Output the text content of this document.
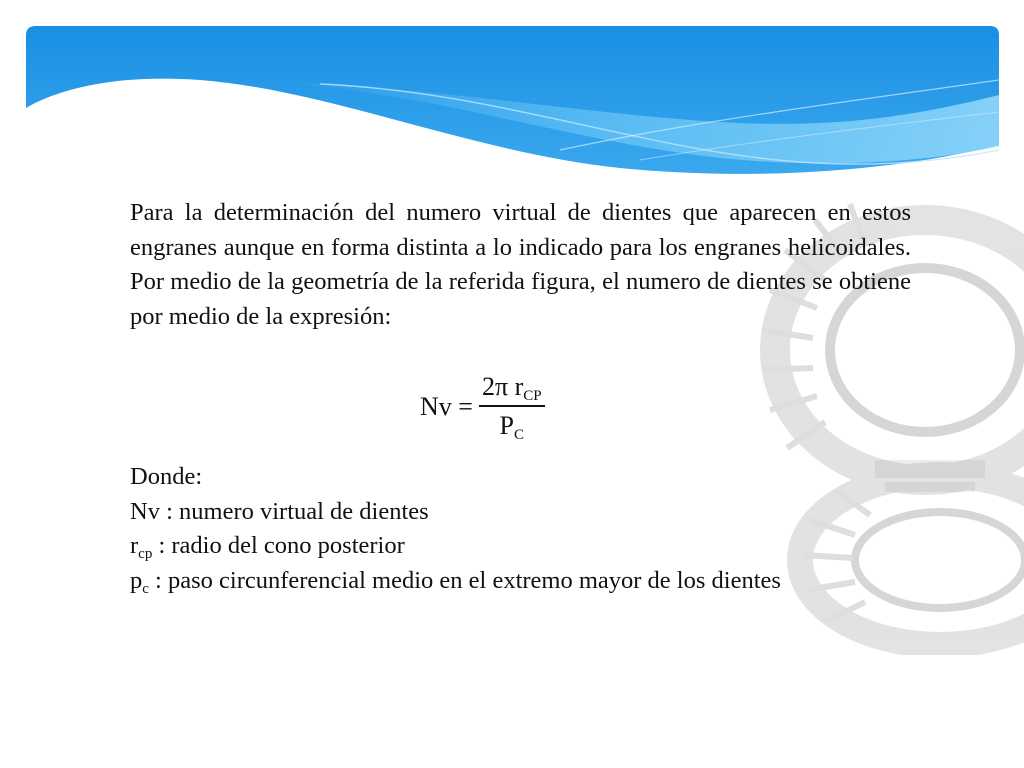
Para la determinación del numero virtual de dientes que aparecen en estos engranes aunque en forma distinta a lo indicado para los engranes helicoidales. Por medio de la geometría de la referida figura, el numero de dientes se obtiene por medio de la expresión:

$Nv = \frac{2\pi r_{CP}}{P_C}$

Donde:

Nv : numero virtual de dientes

$r_{cp}$ : radio del cono posterior

$p_c$ : paso circunferencial medio en el extremo mayor de los dientes
